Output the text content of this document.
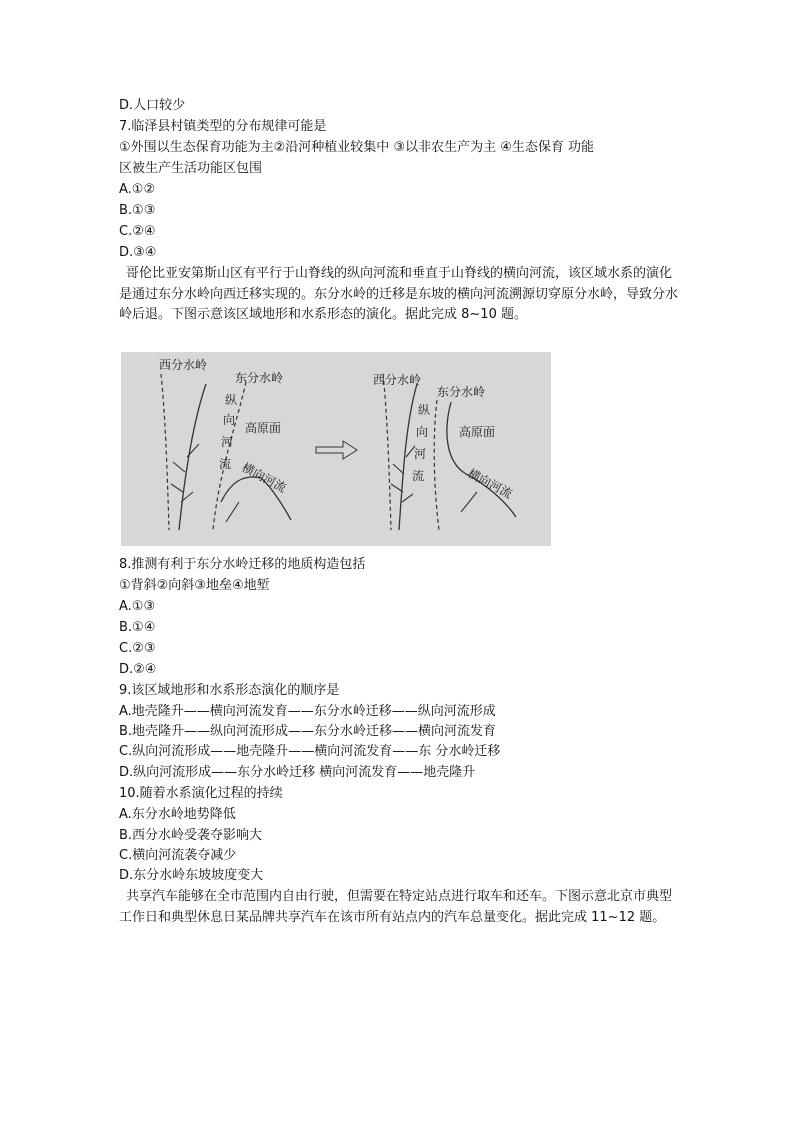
D.人口较少
7.临泽县村镇类型的分布规律可能是
①外围以生态保育功能为主②沿河种植业较集中 ③以非农生产为主 ④生态保育 功能
区被生产生活功能区包围
A.①②
B.①③
C.②④
D.③④
哥伦比亚安第斯山区有平行于山脊线的纵向河流和垂直于山脊线的横向河流，该区域水系的演化是通过东分水岭向西迁移实现的。东分水岭的迁移是东坡的横向河流溯源切穿原分水岭，导致分水岭后退。下图示意该区域地形和水系形态的演化。据此完成 8~10 题。
西分水岭
东分水岭
纵
向
河
流
高原面
横向河流
西分水岭
东分水岭
纵
向
河
流
高原面
横向河流
8.推测有利于东分水岭迁移的地质构造包括
①背斜②向斜③地垒④地堑
A.①③
B.①④
C.②③
D.②④
9.该区域地形和水系形态演化的顺序是
A.地壳隆升——横向河流发育——东分水岭迁移——纵向河流形成
B.地壳隆升——纵向河流形成——东分水岭迁移——横向河流发育
C.纵向河流形成——地壳隆升——横向河流发育——东 分水岭迁移
D.纵向河流形成——东分水岭迁移 横向河流发育——地壳隆升
10.随着水系演化过程的持续
A.东分水岭地势降低
B.西分水岭受袭夺影响大
C.横向河流袭夺减少
D.东分水岭东坡坡度变大
共享汽车能够在全市范围内自由行驶，但需要在特定站点进行取车和还车。下图示意北京市典型工作日和典型休息日某品牌共享汽车在该市所有站点内的汽车总量变化。据此完成 11~12 题。
